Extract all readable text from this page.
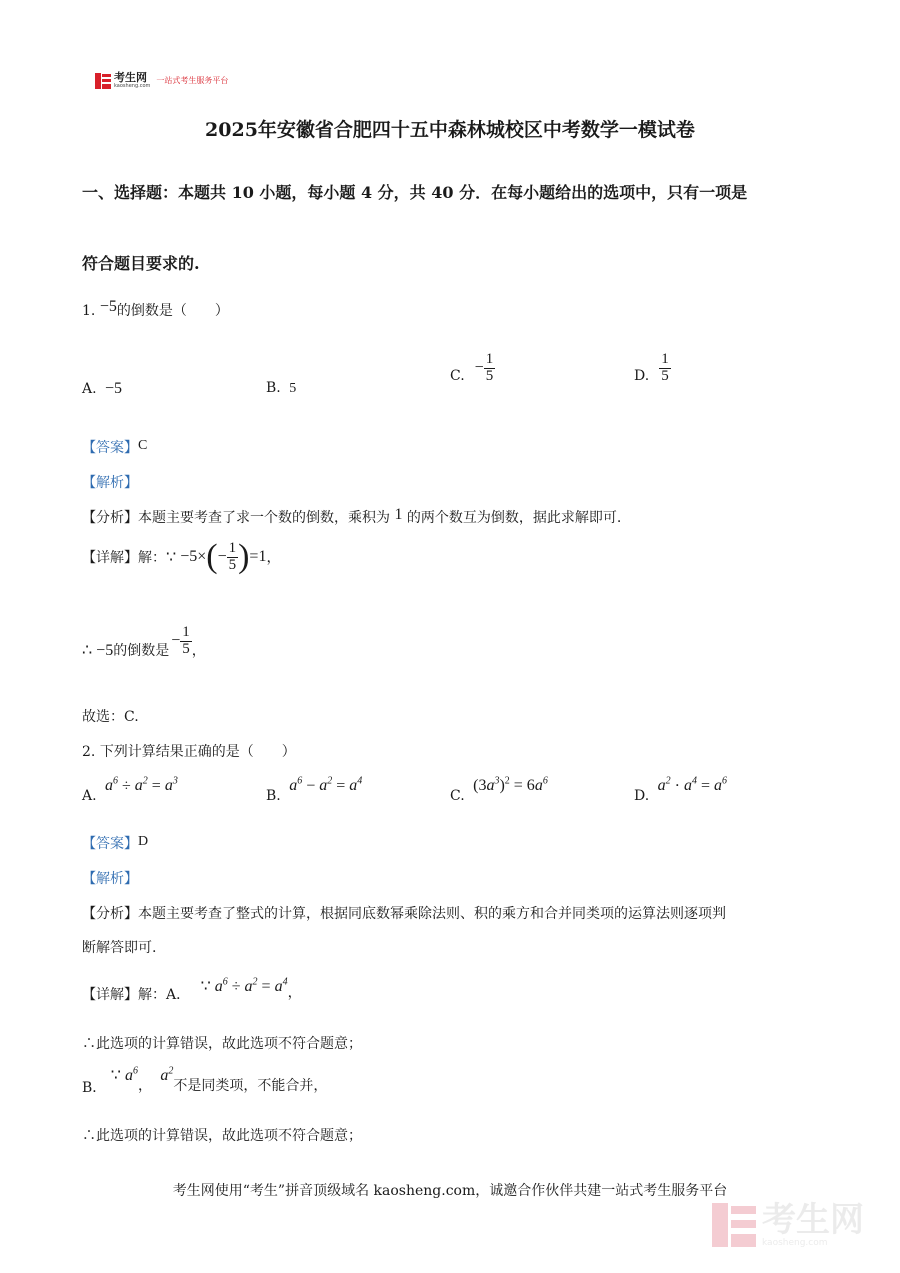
考生网
kaosheng.com
一站式考生服务平台
2025年安徽省合肥四十五中森林城校区中考数学一模试卷
一、选择题：本题共 10 小题，每小题 4 分，共 40 分．在每小题给出的选项中，只有一项是
符合题目要求的.
1. −5的倒数是（　　）
A. −5	B. 5
C. − $\frac{1}{5}$	D. $\frac{1}{5}$
【答案】C
【解析】
【分析】本题主要考查了求一个数的倒数，乘积为 1 的两个数互为倒数，据此求解即可.
【详解】 解： ∵ −5× ( − $\frac{1}{5}$ ) =1 ，
∴ −5 的倒数是
− $\frac{1}{5}$ ，
故选：C.
2. 下列计算结果正确的是（　　）
A. $a^6 \div a^2 = a^3$
B. $a^6 - a^2 = a^4$
C. $(3a^3)^2 = 6a^6$
D. $a^2 \cdot a^4 = a^6$
【答案】D
【解析】
【分析】本题主要考查了整式的计算，根据同底数幂乘除法则、积的乘方和合并同类项的运算法则逐项判
断解答即可.
【详解】解：A． ∵ $a^6 \div a^2 = a^4$，
∴此选项的计算错误，故此选项不符合题意；
B． ∵ $a^6$， $a^2$不是同类项，不能合并，
∴此选项的计算错误，故此选项不符合题意；
考生网使用“考生”拼音顶级域名 kaosheng.com，诚邀合作伙伴共建一站式考生服务平台
考生网
kaosheng.com
